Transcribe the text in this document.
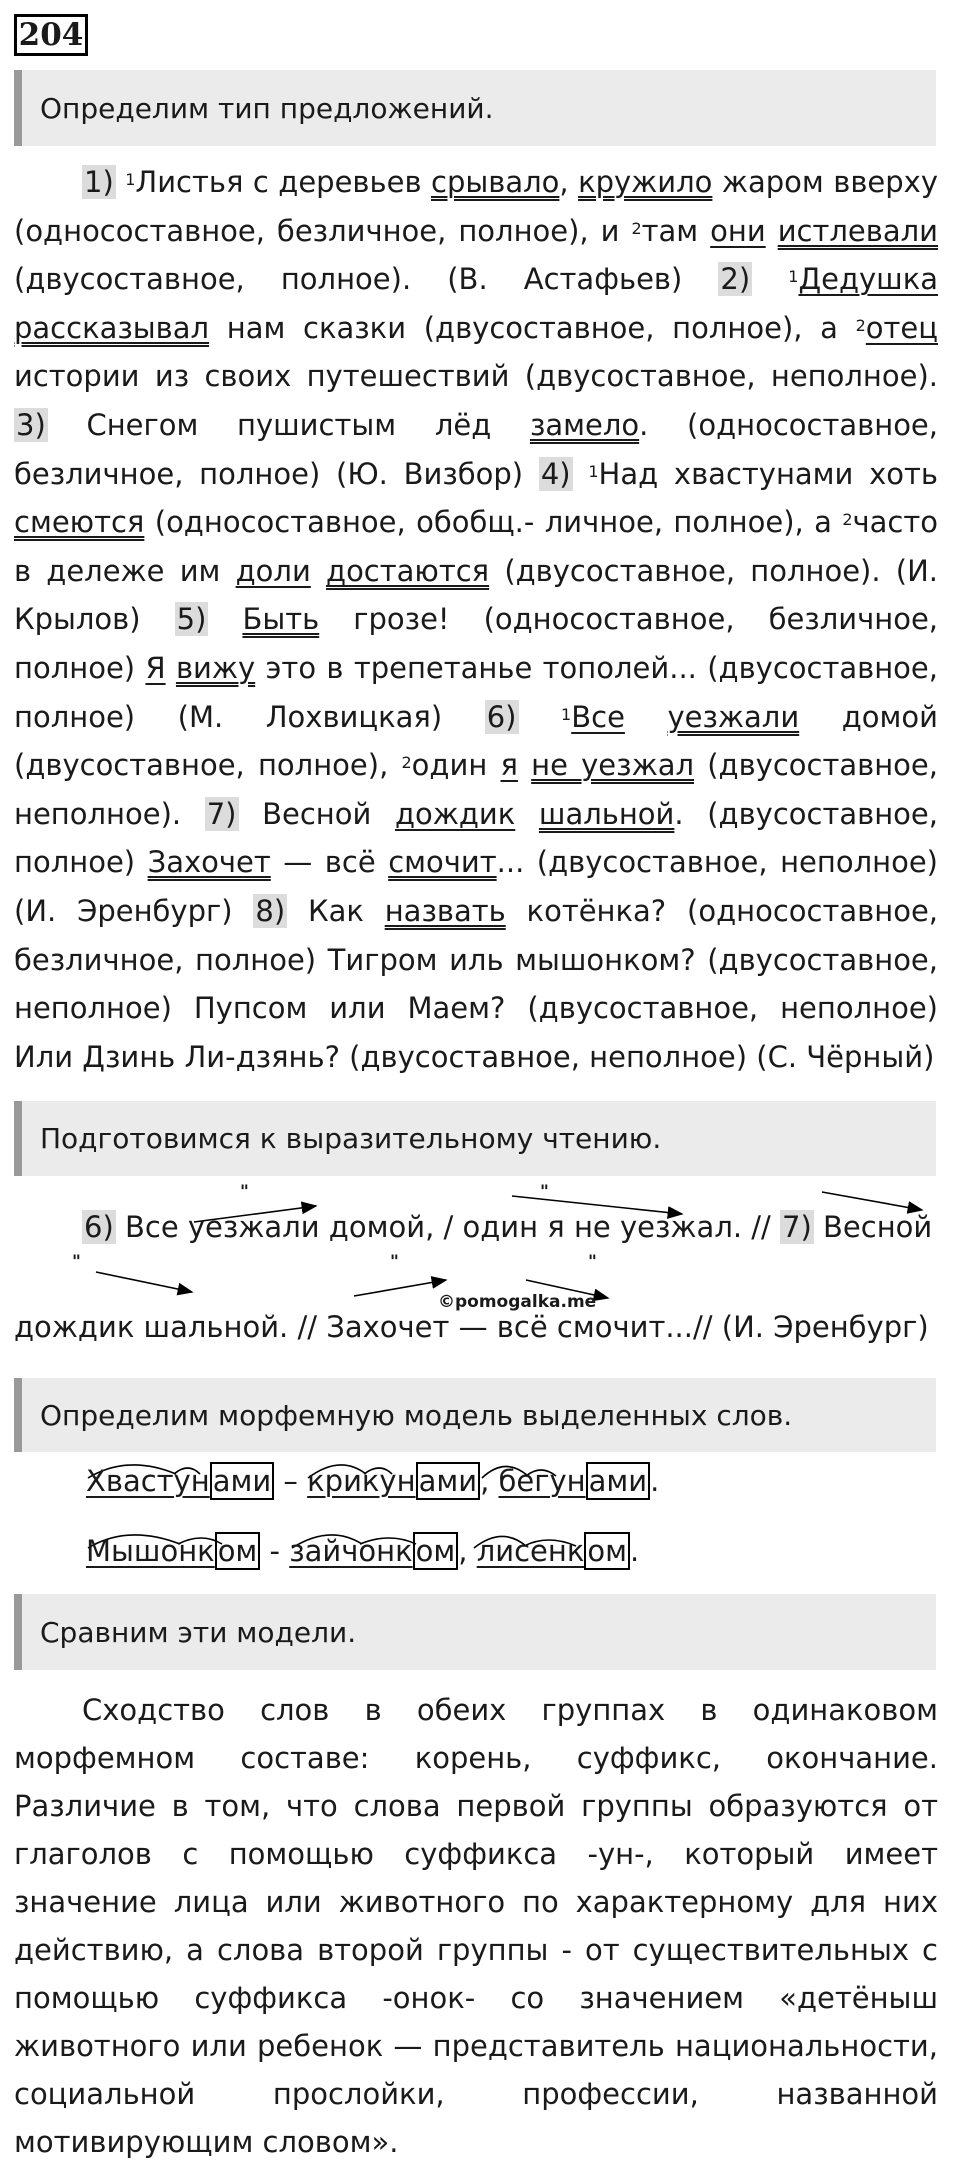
204
Определим тип предложений.

1) $^1$Листья с деревьев срывало, кружило жаром вверху (односоставное, безличное, полное), и $^2$там они истлевали (двусоставное, полное). (В. Астафьев) 2) $^1$Дедушка рассказывал нам сказки (двусоставное, полное), а $^2$отец истории из своих путешествий (двусоставное, неполное). 3) Снегом пушистым лёд замело. (односоставное, безличное, полное) (Ю. Визбор) 4) $^1$Над хвастунами хоть смеются (односоставное, обобщ.- личное, полное), а $^2$часто в дележе им доли достаются (двусоставное, полное). (И. Крылов) 5) Быть грозе! (односоставное, безличное, полное) Я вижу это в трепетанье тополей... (двусоставное, полное) (М. Лохвицкая) 6)	$^1$Все уезжали домой (двусоставное, полное), $^2$один я не уезжал (двусоставное, неполное). 7) Весной дождик шальной. (двусоставное, полное) Захочет — всё смочит... (двусоставное, неполное) (И. Эренбург) 8) Как назвать котёнка? (односоставное, безличное, полное) Тигром иль мышонком? (двусоставное, неполное) Пупсом или Маем? (двусоставное, неполное) Или Дзинь Ли-дзянь? (двусоставное, неполное) (С. Чёрный)

Подготовимся к выразительному чтению.
"	"
"	"	"
6) Все уезжали домой, / один я не уезжал. // 7) Весной
©pomogalka.me
дождик шальной. // Захочет — всё смочит...// (И. Эренбург)
Определим морфемную модель выделенных слов.
Хвастун ами – крикун ами , бегун ами .
Мышонк ом - зайчонк ом , лисенк ом .
Сравним эти модели.

Сходство слов в обеих группах в одинаковом морфемном составе: корень, суффикс, окончание. Различие в том, что слова первой группы образуются от глаголов с помощью суффикса -ун-, который имеет значение лица или животного по характерному для них действию, а слова второй группы - от существительных с помощью суффикса -онок- со значением «детёныш животного или ребенок — представитель национальности, социальной прослойки, профессии, названной мотивирующим словом».
